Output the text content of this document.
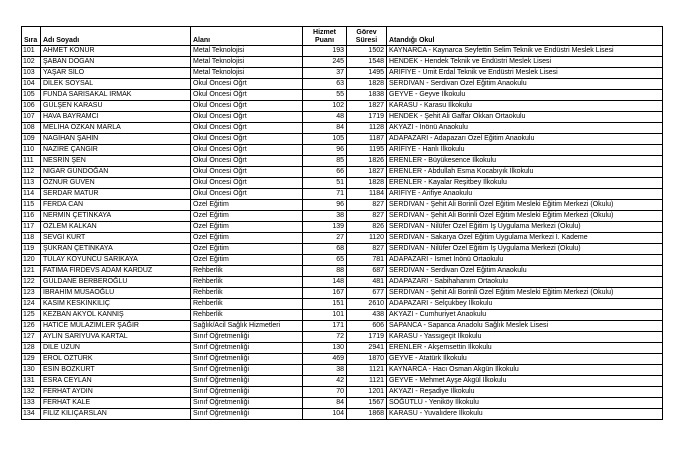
Sıra	Adı Soyadı	Alanı	Hizmet Puanı	Görev Süresi	Atandığı Okul
101	AHMET KONUR	Metal Teknolojisi	193	1502	KAYNARCA - Kaynarca Seyfettin Selim Teknik ve Endüstri Meslek Lisesi
102	ŞABAN DOGAN	Metal Teknolojisi	245	1548	HENDEK - Hendek Teknik ve Endüstri Meslek Lisesi
103	YAŞAR SİLO	Metal Teknolojisi	37	1495	ARİFİYE - Ümit Erdal Teknik ve Endüstri Meslek Lisesi
104	DİLEK SOYSAL	Okul Öncesi Öğrt	63	1828	SERDİVAN - Serdivan Özel Eğitim Anaokulu
105	FUNDA SARISAKAL IRMAK	Okul Öncesi Öğrt	55	1838	GEYVE - Geyve İlkokulu
106	GÜLŞEN KARASU	Okul Öncesi Öğrt	102	1827	KARASU - Karasu İlkokulu
107	HAVA BAYRAMCI	Okul Öncesi Öğrt	48	1719	HENDEK - Şehit Ali Gaffar Okkan Ortaokulu
108	MELİHA ÖZKAN MARLA	Okul Öncesi Öğrt	84	1128	AKYAZI - İnönü Anaokulu
109	NAGİHAN ŞAHİN	Okul Öncesi Öğrt	105	1187	ADAPAZARI - Adapazarı Özel Eğitim Anaokulu
110	NAZİRE ÇANGIR	Okul Öncesi Öğrt	96	1195	ARİFİYE - Hanlı İlkokulu
111	NESRİN ŞEN	Okul Öncesi Öğrt	85	1826	ERENLER - Büyükesence İlkokulu
112	NİGAR GÜNDOĞAN	Okul Öncesi Öğrt	66	1827	ERENLER - Abdullah Esma Kocabıyık İlkokulu
113	ÖZNUR GÜVEN	Okul Öncesi Öğrt	51	1828	ERENLER - Kayalar Reşitbey İlkokulu
114	SERDAR MATUR	Okul Öncesi Öğrt	71	1184	ARİFİYE - Arifiye Anaokulu
115	FERDA CAN	Özel Eğitim	96	827	SERDİVAN - Şehit Ali Borinli Özel Eğitim Mesleki Eğitim Merkezi (Okulu)
116	NERMİN ÇETİNKAYA	Özel Eğitim	38	827	SERDİVAN - Şehit Ali Borinli Özel Eğitim Mesleki Eğitim Merkezi (Okulu)
117	ÖZLEM KALKAN	Özel Eğitim	139	826	SERDİVAN - Nilüfer Özel Eğitim İş Uygulama Merkezi (Okulu)
118	SEVGİ KURT	Özel Eğitim	27	1120	SERDİVAN - Sakarya Özel Eğitim Uygulama Merkezi I. Kademe
119	ŞÜKRAN ÇETİNKAYA	Özel Eğitim	68	827	SERDİVAN - Nilüfer Özel Eğitim İş Uygulama Merkezi (Okulu)
120	TÜLAY KOYUNCU SARIKAYA	Özel Eğitim	65	781	ADAPAZARI - İsmet İnönü Ortaokulu
121	FATIMA FİRDEVS ADAM KARDUZ	Rehberlik	88	687	SERDİVAN - Serdivan Özel Eğitim Anaokulu
122	GÜLDANE BERBEROĞLU	Rehberlik	148	481	ADAPAZARI - Sabihahanım Ortaokulu
123	İBRAHİM MUSAOĞLU	Rehberlik	167	677	SERDİVAN - Şehit Ali Borinli Özel Eğitim Mesleki Eğitim Merkezi (Okulu)
124	KASIM KESKİNKILIÇ	Rehberlik	151	2610	ADAPAZARI - Selçukbey İlkokulu
125	KEZBAN AKYOL KANNIŞ	Rehberlik	101	438	AKYAZI - Cumhuriyet Anaokulu
126	HATİCE MÜLAZİMLER ŞAĞIR	Sağlık/Acil Sağlık Hizmetleri	171	606	SAPANCA - Sapanca Anadolu Sağlık Meslek Lisesi
127	AYLİN SARIYUVA KARTAL	Sınıf Öğretmenliği	72	1719	KARASU - Yassıgeçit İlkokulu
128	DİLE UZUN	Sınıf Öğretmenliği	130	2941	ERENLER - Akşemsettin İlkokulu
129	EROL ÖZTÜRK	Sınıf Öğretmenliği	469	1870	GEYVE - Atatürk İlkokulu
130	ESİN BOZKURT	Sınıf Öğretmenliği	38	1121	KAYNARCA - Hacı Osman Akgün İlkokulu
131	ESRA CEYLAN	Sınıf Öğretmenliği	42	1121	GEYVE - Mehmet Ayşe Akgül İlkokulu
132	FERHAT AYDIN	Sınıf Öğretmenliği	70	1201	AKYAZI - Reşadiye İlkokulu
133	FERHAT KALE	Sınıf Öğretmenliği	84	1567	SÖĞÜTLÜ - Yeniköy İlkokulu
134	FİLİZ KILIÇARSLAN	Sınıf Öğretmenliği	104	1868	KARASU - Yuvalıdere İlkokulu
